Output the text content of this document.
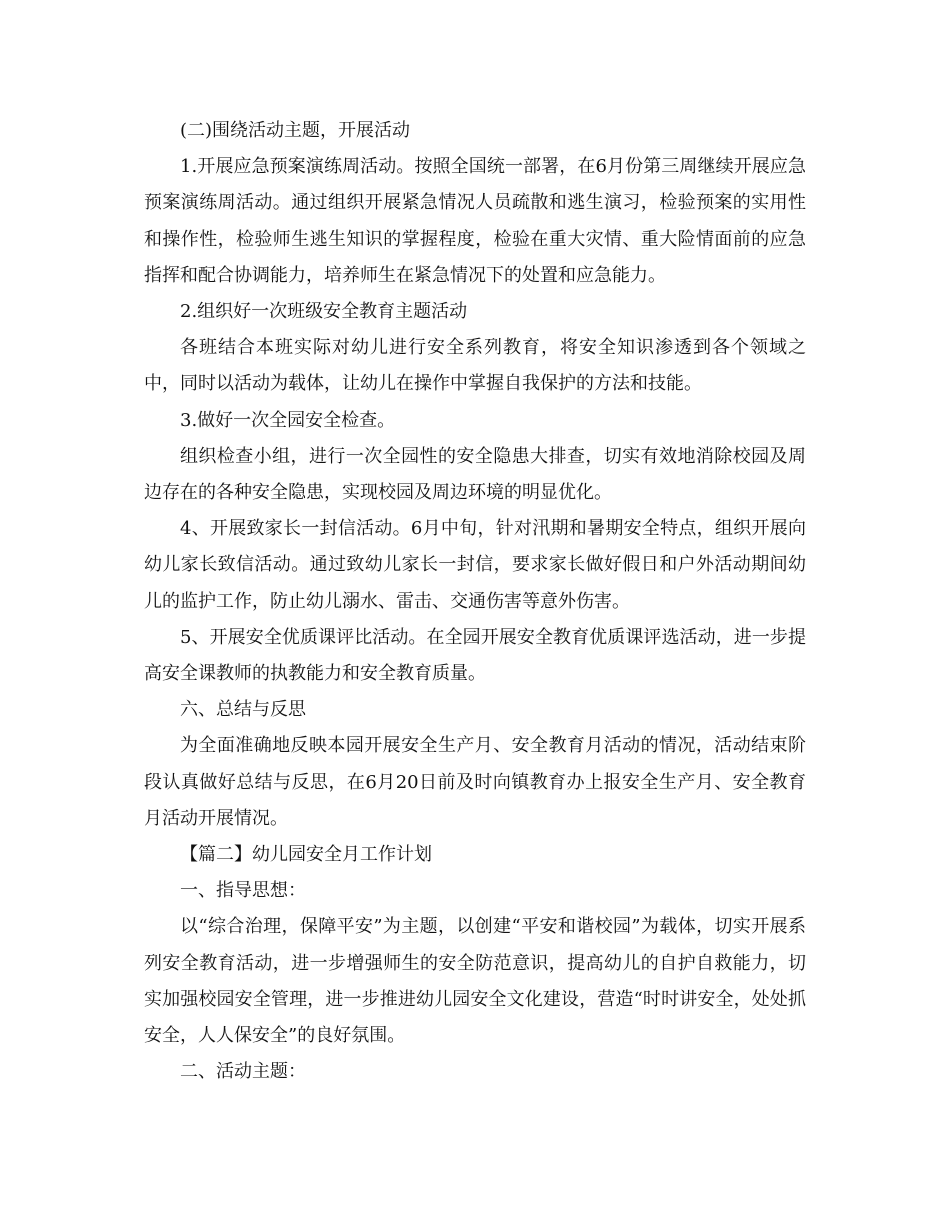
(二)围绕活动主题，开展活动

1.开展应急预案演练周活动。按照全国统一部署，在6月份第三周继续开展应急预案演练周活动。通过组织开展紧急情况人员疏散和逃生演习，检验预案的实用性和操作性，检验师生逃生知识的掌握程度，检验在重大灾情、重大险情面前的应急指挥和配合协调能力，培养师生在紧急情况下的处置和应急能力。

2.组织好一次班级安全教育主题活动

各班结合本班实际对幼儿进行安全系列教育，将安全知识渗透到各个领域之中，同时以活动为载体，让幼儿在操作中掌握自我保护的方法和技能。

3.做好一次全园安全检查。

组织检查小组，进行一次全园性的安全隐患大排查，切实有效地消除校园及周边存在的各种安全隐患，实现校园及周边环境的明显优化。

4、开展致家长一封信活动。6月中旬，针对汛期和暑期安全特点，组织开展向幼儿家长致信活动。通过致幼儿家长一封信，要求家长做好假日和户外活动期间幼儿的监护工作，防止幼儿溺水、雷击、交通伤害等意外伤害。

5、开展安全优质课评比活动。在全园开展安全教育优质课评选活动，进一步提高安全课教师的执教能力和安全教育质量。

六、总结与反思

为全面准确地反映本园开展安全生产月、安全教育月活动的情况，活动结束阶段认真做好总结与反思，在6月20日前及时向镇教育办上报安全生产月、安全教育月活动开展情况。

【篇二】幼儿园安全月工作计划

一、指导思想：

以“综合治理，保障平安”为主题，以创建“平安和谐校园”为载体，切实开展系列安全教育活动，进一步增强师生的安全防范意识，提高幼儿的自护自救能力，切实加强校园安全管理，进一步推进幼儿园安全文化建设，营造“时时讲安全，处处抓安全，人人保安全”的良好氛围。

二、活动主题：
